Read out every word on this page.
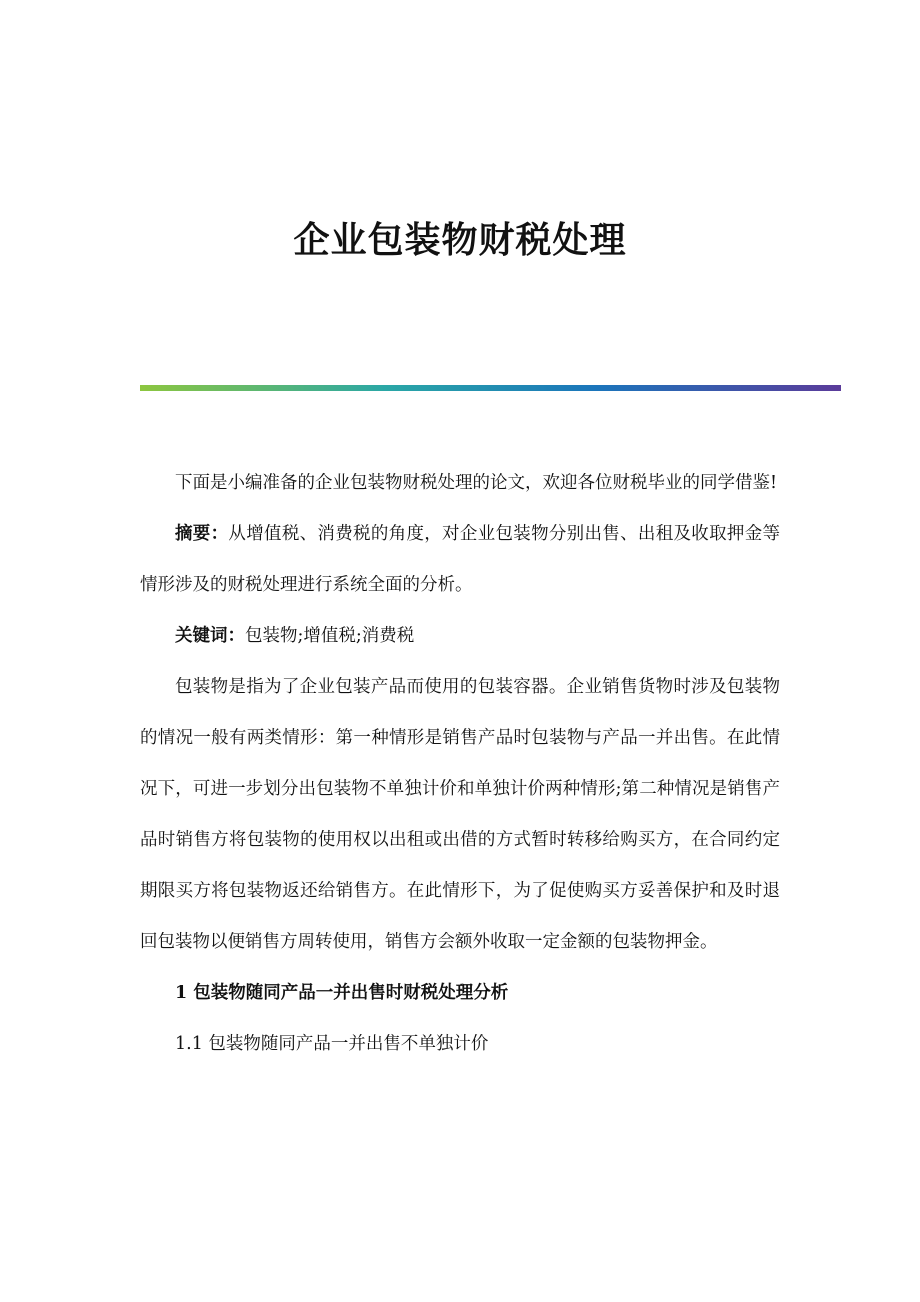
企业包装物财税处理

下面是小编准备的企业包装物财税处理的论文，欢迎各位财税毕业的同学借鉴!

摘要：从增值税、消费税的角度，对企业包装物分别出售、出租及收取押金等情形涉及的财税处理进行系统全面的分析。

关键词：包装物;增值税;消费税

包装物是指为了企业包装产品而使用的包装容器。企业销售货物时涉及包装物的情况一般有两类情形：第一种情形是销售产品时包装物与产品一并出售。在此情况下，可进一步划分出包装物不单独计价和单独计价两种情形;第二种情况是销售产品时销售方将包装物的使用权以出租或出借的方式暂时转移给购买方，在合同约定期限买方将包装物返还给销售方。在此情形下，为了促使购买方妥善保护和及时退回包装物以便销售方周转使用，销售方会额外收取一定金额的包装物押金。

1 包装物随同产品一并出售时财税处理分析

1.1 包装物随同产品一并出售不单独计价
